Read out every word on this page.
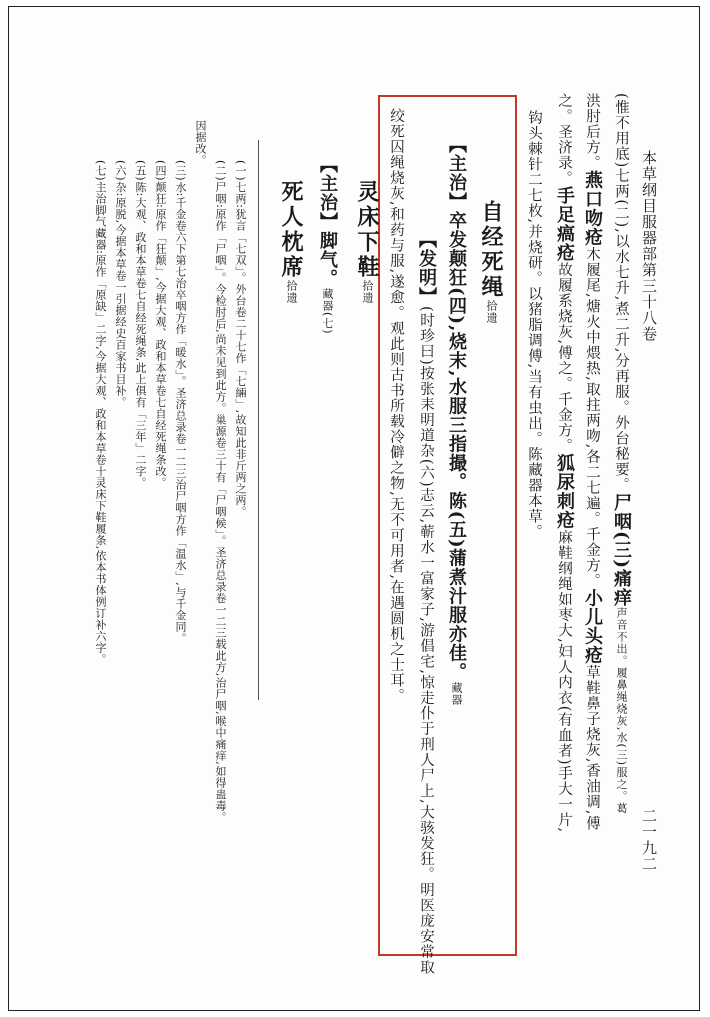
本草纲目服器部第三十八卷
二一九二
(惟不用底)七两(二),以水七升,煮二升,分再服。外台秘要。尸咽(三)痛痒声音不出。履鼻绳烧灰,水(三)服之。葛
洪肘后方。燕口吻疮木履尾,煻火中煨热,取拄两吻,各二七遍。千金方。小儿头疮草鞋鼻子烧灰,香油调,傅
之。圣济录。手足瘑疮故履系烧灰,傅之。千金方。狐尿刺疮麻鞋纲绳如枣大,妇人内衣(有血者)手大一片,
钩头棘针二七枚,并烧研。以猪脂调傅,当有虫出。陈藏器本草。
自经死绳拾遗
【主治】卒发颠狂(四),烧末,水服三指撮。陈(五)蒲煮汁服亦佳。藏器
【发明】(时珍曰)按张耒明道杂(六)志云,蕲水一富家子,游倡宅,惊走仆于刑人尸上,大骇发狂。明医庞安常取
绞死囚绳烧灰,和药与服,遂愈。观此则古书所载冷僻之物,无不可用者,在遇圆机之士耳。
灵床下鞋拾遗
【主治】脚气。藏器(七)
死人枕席拾遗
(一)七两:犹言「七双」。外台卷二十七作「七緉」,故知此非斤两之两。
(二)尸咽:原作「尸咽」。今检肘后,尚未见到此方。巢源卷三十有「尸咽候」。圣济总录卷一二三载此方,治尸咽,喉中痛痒,如得蛊毒。
因据改。
(三)水:千金卷六下第七治卒咽方作「暖水」。圣济总录卷一二三治尸咽方作「温水」,与千金同。
(四)颠狂:原作「狂颠」,今据大观、政和本草卷七自经死绳条改。
(五)陈:大观、政和本草卷七自经死绳条,此上俱有「三年」二字。
(六)杂:原脱,今据本草卷一引据经史百家书目补。
(七)主治脚气藏器:原作「原缺」二字,今据大观、政和本草卷十灵床下鞋履条,依本书体例订补六字。
